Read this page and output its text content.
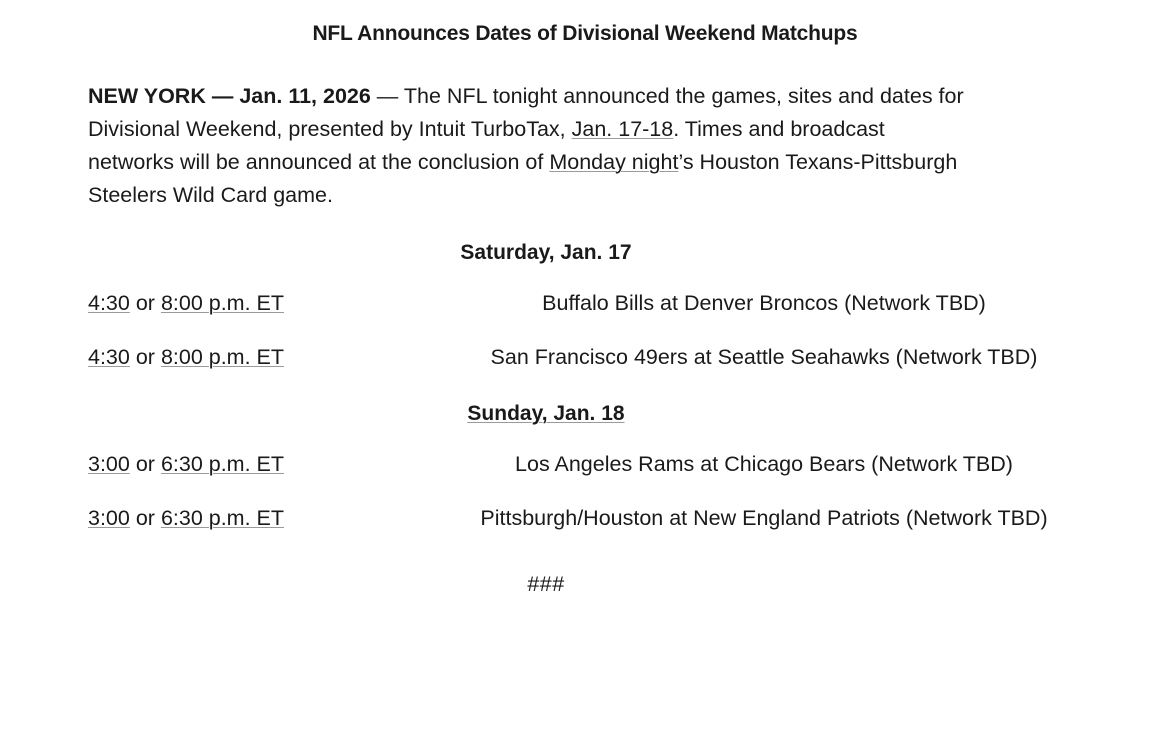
NFL Announces Dates of Divisional Weekend Matchups

NEW YORK — Jan. 11, 2026 — The NFL tonight announced the games, sites and dates for Divisional Weekend, presented by Intuit TurboTax, Jan. 17-18. Times and broadcast networks will be announced at the conclusion of Monday night’s Houston Texans-Pittsburgh Steelers Wild Card game.

Saturday, Jan. 17
4:30 or 8:00 p.m. ET	Buffalo Bills at Denver Broncos (Network TBD)
4:30 or 8:00 p.m. ET	San Francisco 49ers at Seattle Seahawks (Network TBD)
Sunday, Jan. 18
3:00 or 6:30 p.m. ET	Los Angeles Rams at Chicago Bears (Network TBD)
3:00 or 6:30 p.m. ET	Pittsburgh/Houston at New England Patriots (Network TBD)
###
